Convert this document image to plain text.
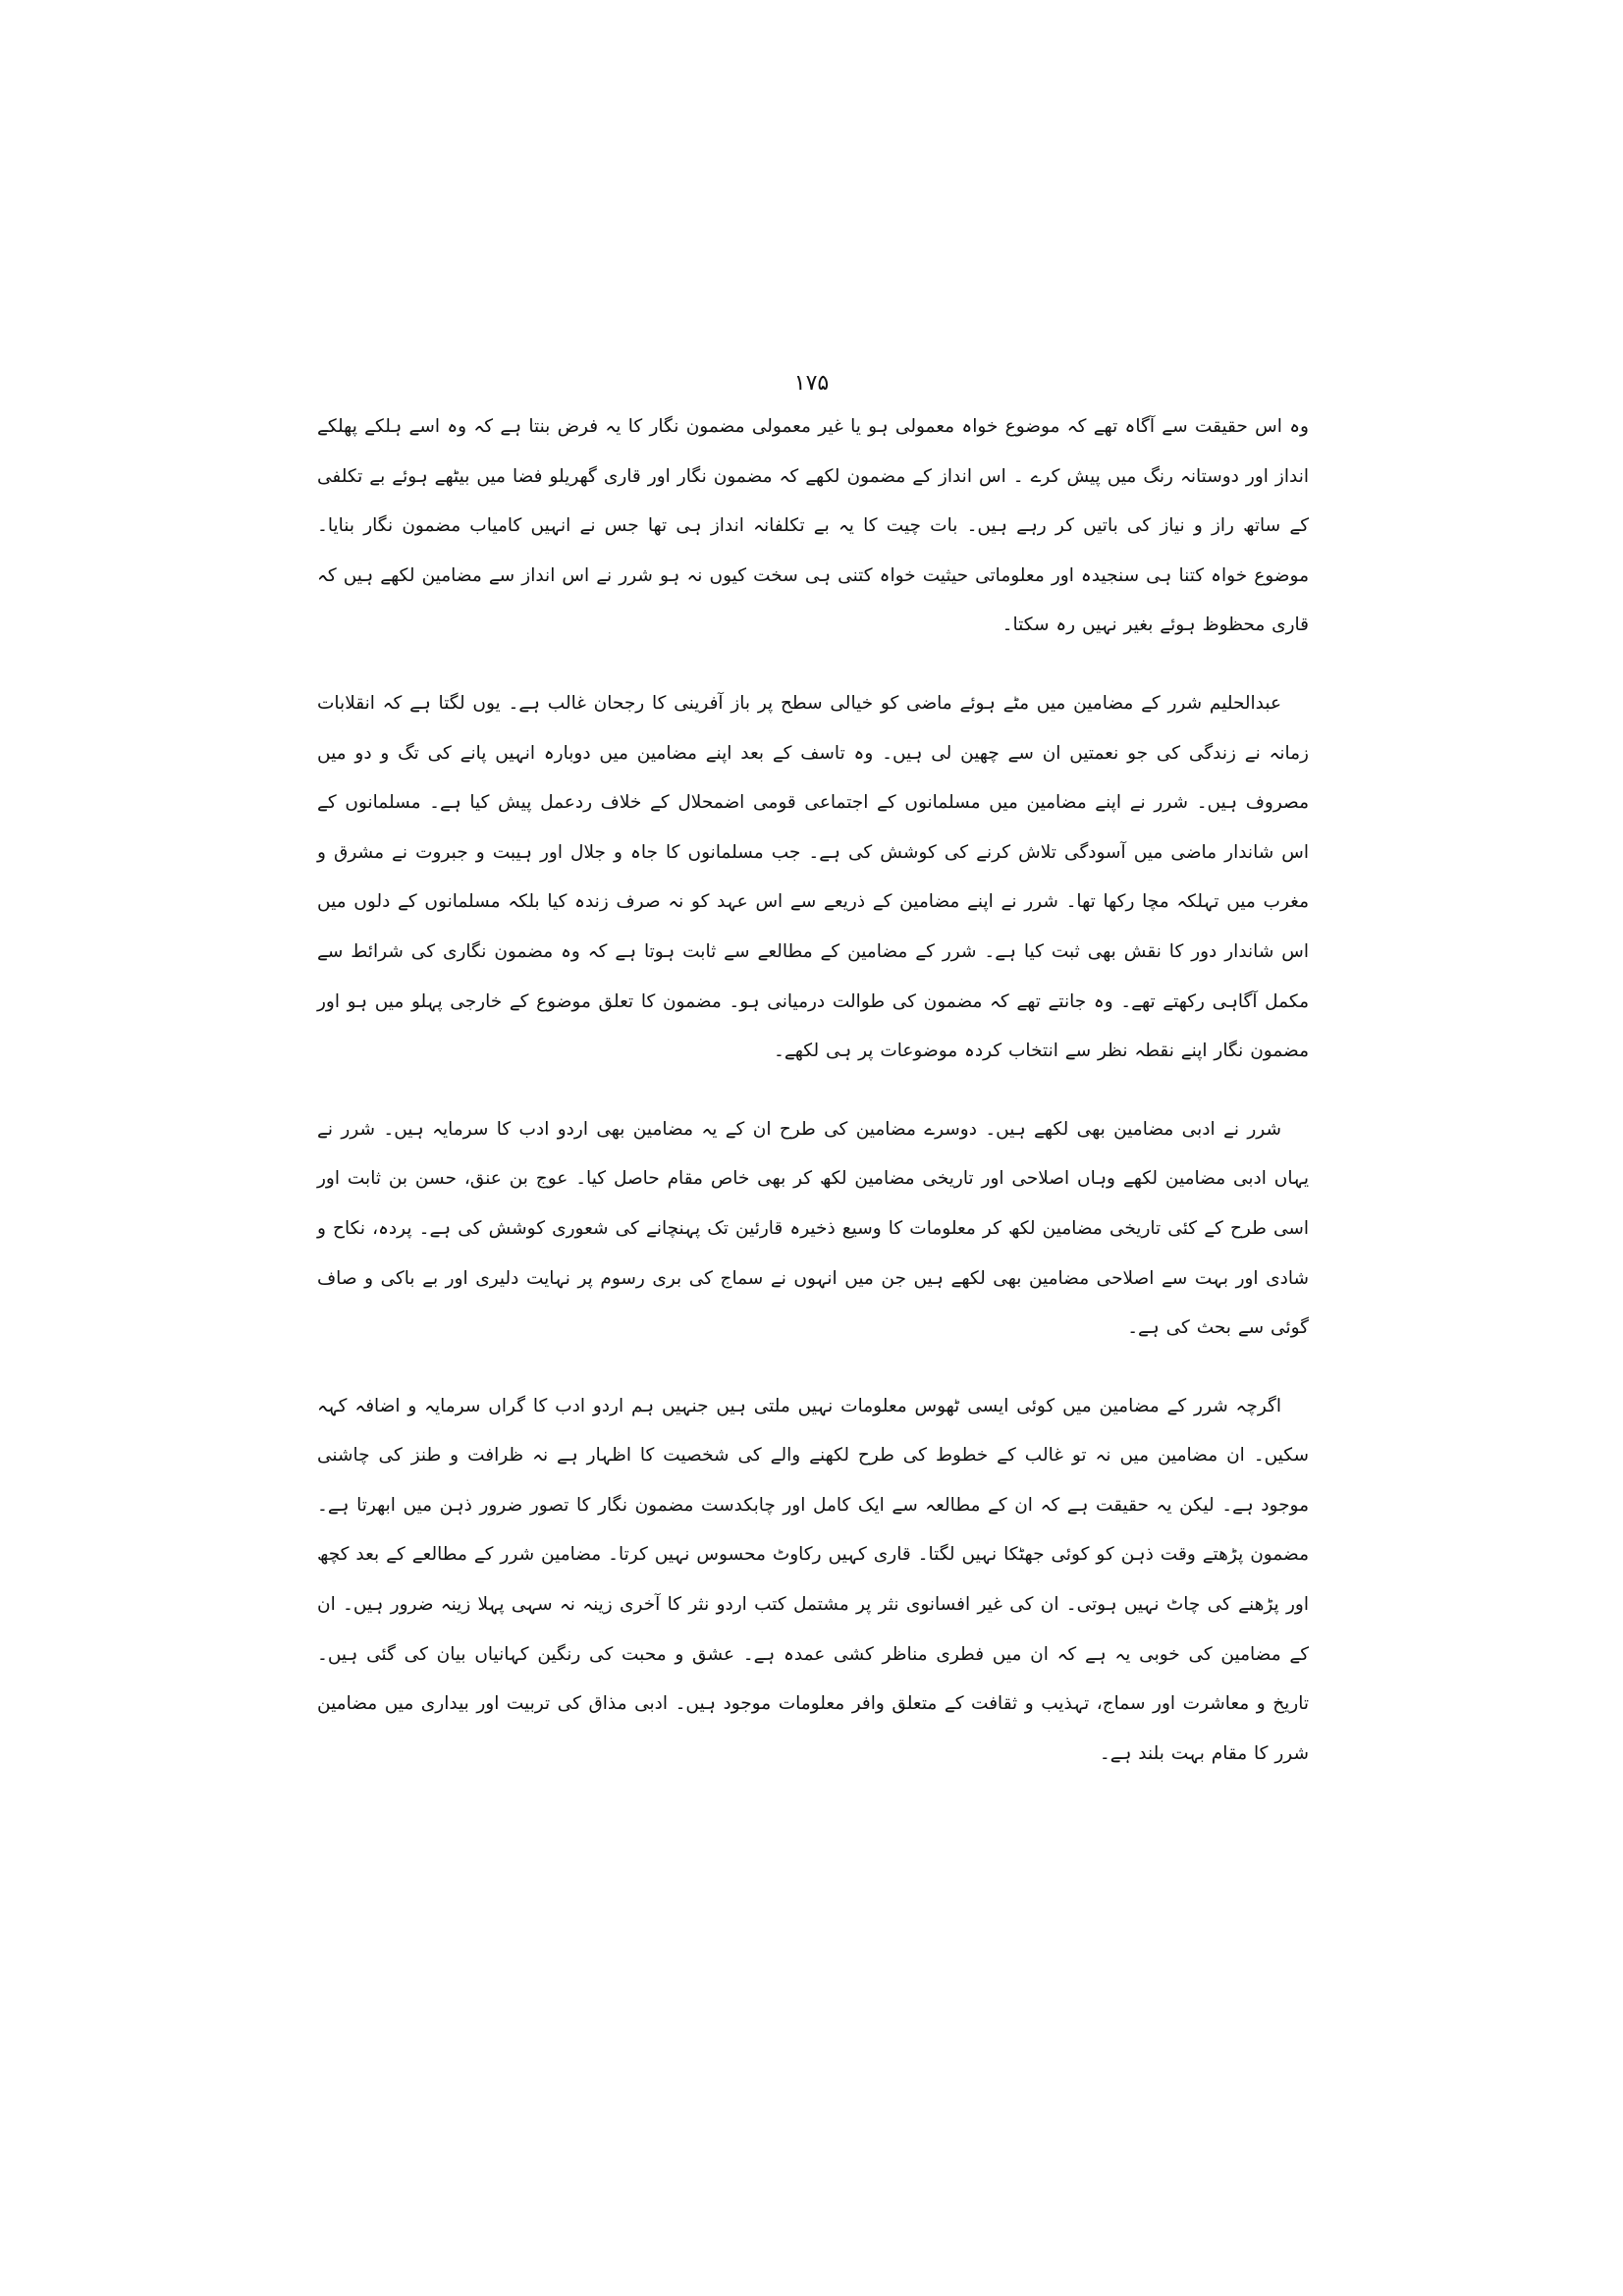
۱۷۵

وہ اس حقیقت سے آگاہ تھے کہ موضوع خواہ معمولی ہو یا غیر معمولی مضمون نگار کا یہ فرض بنتا ہے کہ وہ اسے ہلکے پھلکے انداز اور دوستانہ رنگ میں پیش کرے ۔ اس انداز کے مضمون لکھے کہ مضمون نگار اور قاری گھریلو فضا میں بیٹھے ہوئے بے تکلفی کے ساتھ راز و نیاز کی باتیں کر رہے ہیں۔ بات چیت کا یہ بے تکلفانہ انداز ہی تھا جس نے انہیں کامیاب مضمون نگار بنایا۔ موضوع خواہ کتنا ہی سنجیدہ اور معلوماتی حیثیت خواہ کتنی ہی سخت کیوں نہ ہو شرر نے اس انداز سے مضامین لکھے ہیں کہ قاری محظوظ ہوئے بغیر نہیں رہ سکتا۔

عبدالحلیم شرر کے مضامین میں مٹے ہوئے ماضی کو خیالی سطح پر باز آفرینی کا رجحان غالب ہے۔ یوں لگتا ہے کہ انقلابات زمانہ نے زندگی کی جو نعمتیں ان سے چھین لی ہیں۔ وہ تاسف کے بعد اپنے مضامین میں دوبارہ انہیں پانے کی تگ و دو میں مصروف ہیں۔ شرر نے اپنے مضامین میں مسلمانوں کے اجتماعی قومی اضمحلال کے خلاف ردعمل پیش کیا ہے۔ مسلمانوں کے اس شاندار ماضی میں آسودگی تلاش کرنے کی کوشش کی ہے۔ جب مسلمانوں کا جاہ و جلال اور ہیبت و جبروت نے مشرق و مغرب میں تہلکہ مچا رکھا تھا۔ شرر نے اپنے مضامین کے ذریعے سے اس عہد کو نہ صرف زندہ کیا بلکہ مسلمانوں کے دلوں میں اس شاندار دور کا نقش بھی ثبت کیا ہے۔ شرر کے مضامین کے مطالعے سے ثابت ہوتا ہے کہ وہ مضمون نگاری کی شرائط سے مکمل آگاہی رکھتے تھے۔ وہ جانتے تھے کہ مضمون کی طوالت درمیانی ہو۔ مضمون کا تعلق موضوع کے خارجی پہلو میں ہو اور مضمون نگار اپنے نقطہ نظر سے انتخاب کردہ موضوعات پر ہی لکھے۔

شرر نے ادبی مضامین بھی لکھے ہیں۔ دوسرے مضامین کی طرح ان کے یہ مضامین بھی اردو ادب کا سرمایہ ہیں۔ شرر نے یہاں ادبی مضامین لکھے وہاں اصلاحی اور تاریخی مضامین لکھ کر بھی خاص مقام حاصل کیا۔ عوج بن عنق، حسن بن ثابت اور اسی طرح کے کئی تاریخی مضامین لکھ کر معلومات کا وسیع ذخیرہ قارئین تک پہنچانے کی شعوری کوشش کی ہے۔ پردہ، نکاح و شادی اور بہت سے اصلاحی مضامین بھی لکھے ہیں جن میں انہوں نے سماج کی بری رسوم پر نہایت دلیری اور بے باکی و صاف گوئی سے بحث کی ہے۔

اگرچہ شرر کے مضامین میں کوئی ایسی ٹھوس معلومات نہیں ملتی ہیں جنہیں ہم اردو ادب کا گراں سرمایہ و اضافہ کہہ سکیں۔ ان مضامین میں نہ تو غالب کے خطوط کی طرح لکھنے والے کی شخصیت کا اظہار ہے نہ ظرافت و طنز کی چاشنی موجود ہے۔ لیکن یہ حقیقت ہے کہ ان کے مطالعہ سے ایک کامل اور چابکدست مضمون نگار کا تصور ضرور ذہن میں ابھرتا ہے۔ مضمون پڑھتے وقت ذہن کو کوئی جھٹکا نہیں لگتا۔ قاری کہیں رکاوٹ محسوس نہیں کرتا۔ مضامین شرر کے مطالعے کے بعد کچھ اور پڑھنے کی چاٹ نہیں ہوتی۔ ان کی غیر افسانوی نثر پر مشتمل کتب اردو نثر کا آخری زینہ نہ سہی پہلا زینہ ضرور ہیں۔ ان کے مضامین کی خوبی یہ ہے کہ ان میں فطری مناظر کشی عمدہ ہے۔ عشق و محبت کی رنگین کہانیاں بیان کی گئی ہیں۔ تاریخ و معاشرت اور سماج، تہذیب و ثقافت کے متعلق وافر معلومات موجود ہیں۔ ادبی مذاق کی تربیت اور بیداری میں مضامین شرر کا مقام بہت بلند ہے۔
